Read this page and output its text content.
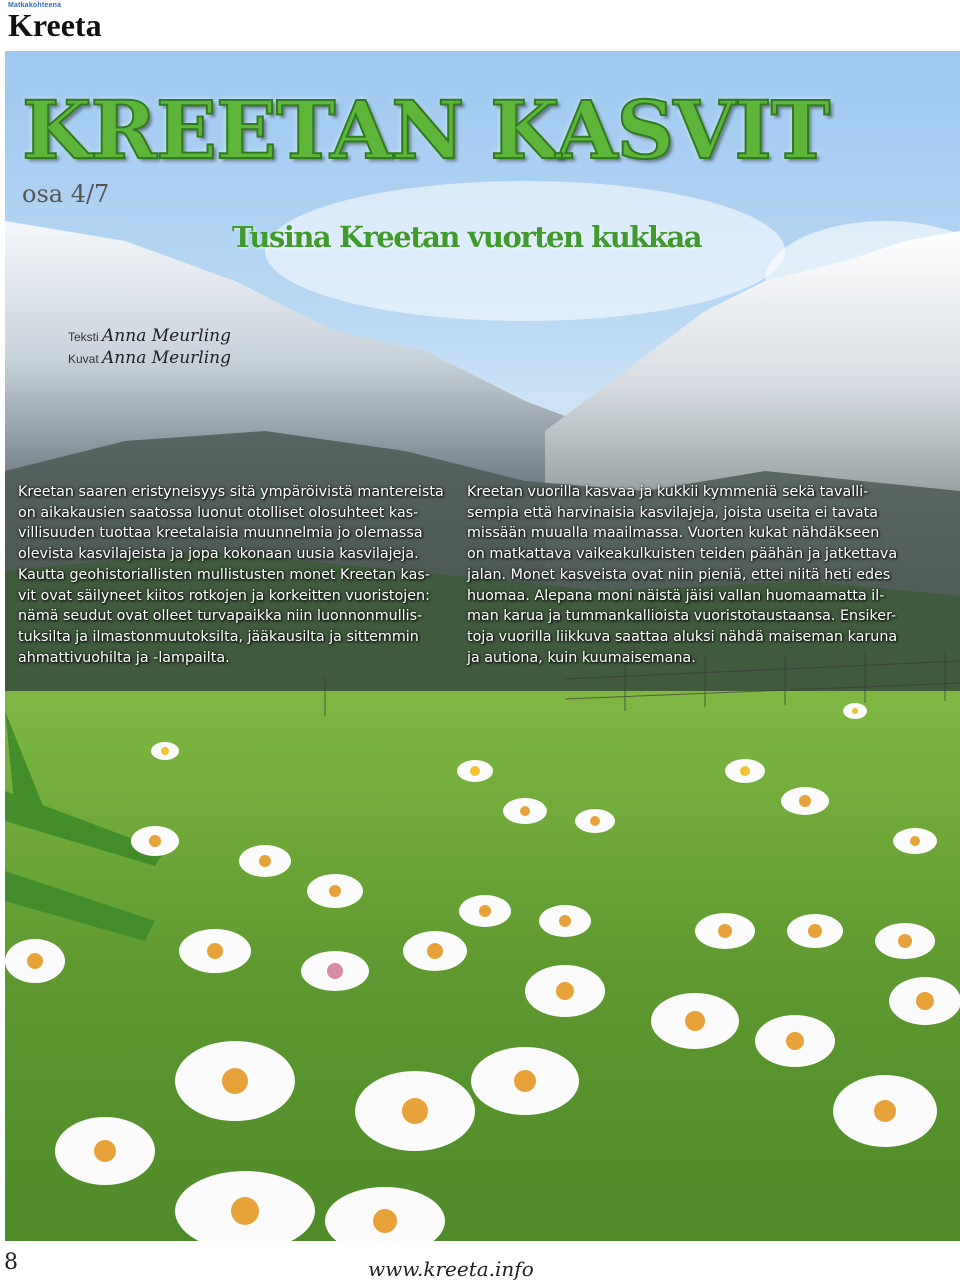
Matkakohteena
Kreeta
KREETAN KASVIT
osa 4/7
Tusina Kreetan vuorten kukkaa
Teksti Anna Meurling
Kuvat Anna Meurling
Kreetan saaren eristyneisyys sitä ympäröivistä mantereista
on aikakausien saatossa luonut otolliset olosuhteet kas-
villisuuden tuottaa kreetalaisia muunnelmia jo olemassa
olevista kasvilajeista ja jopa kokonaan uusia kasvilajeja.
Kautta geohistoriallisten mullistusten monet Kreetan kas-
vit ovat säilyneet kiitos rotkojen ja korkeitten vuoristojen:
nämä seudut ovat olleet turvapaikka niin luonnonmullis-
tuksilta ja ilmastonmuutoksilta, jääkausilta ja sittemmin
ahmattivuohilta ja -lampailta.
Kreetan vuorilla kasvaa ja kukkii kymmeniä sekä tavalli-
sempia että harvinaisia kasvilajeja, joista useita ei tavata
missään muualla maailmassa. Vuorten kukat nähdäkseen
on matkattava vaikeakulkuisten teiden päähän ja jatkettava
jalan. Monet kasveista ovat niin pieniä, ettei niitä heti edes
huomaa. Alepana moni näistä jäisi vallan huomaamatta il-
man karua ja tummankallioista vuoristotaustaansa. Ensiker-
toja vuorilla liikkuva saattaa aluksi nähdä maiseman karuna
ja autiona, kuin kuumaisemana.
8	www.kreeta.info
